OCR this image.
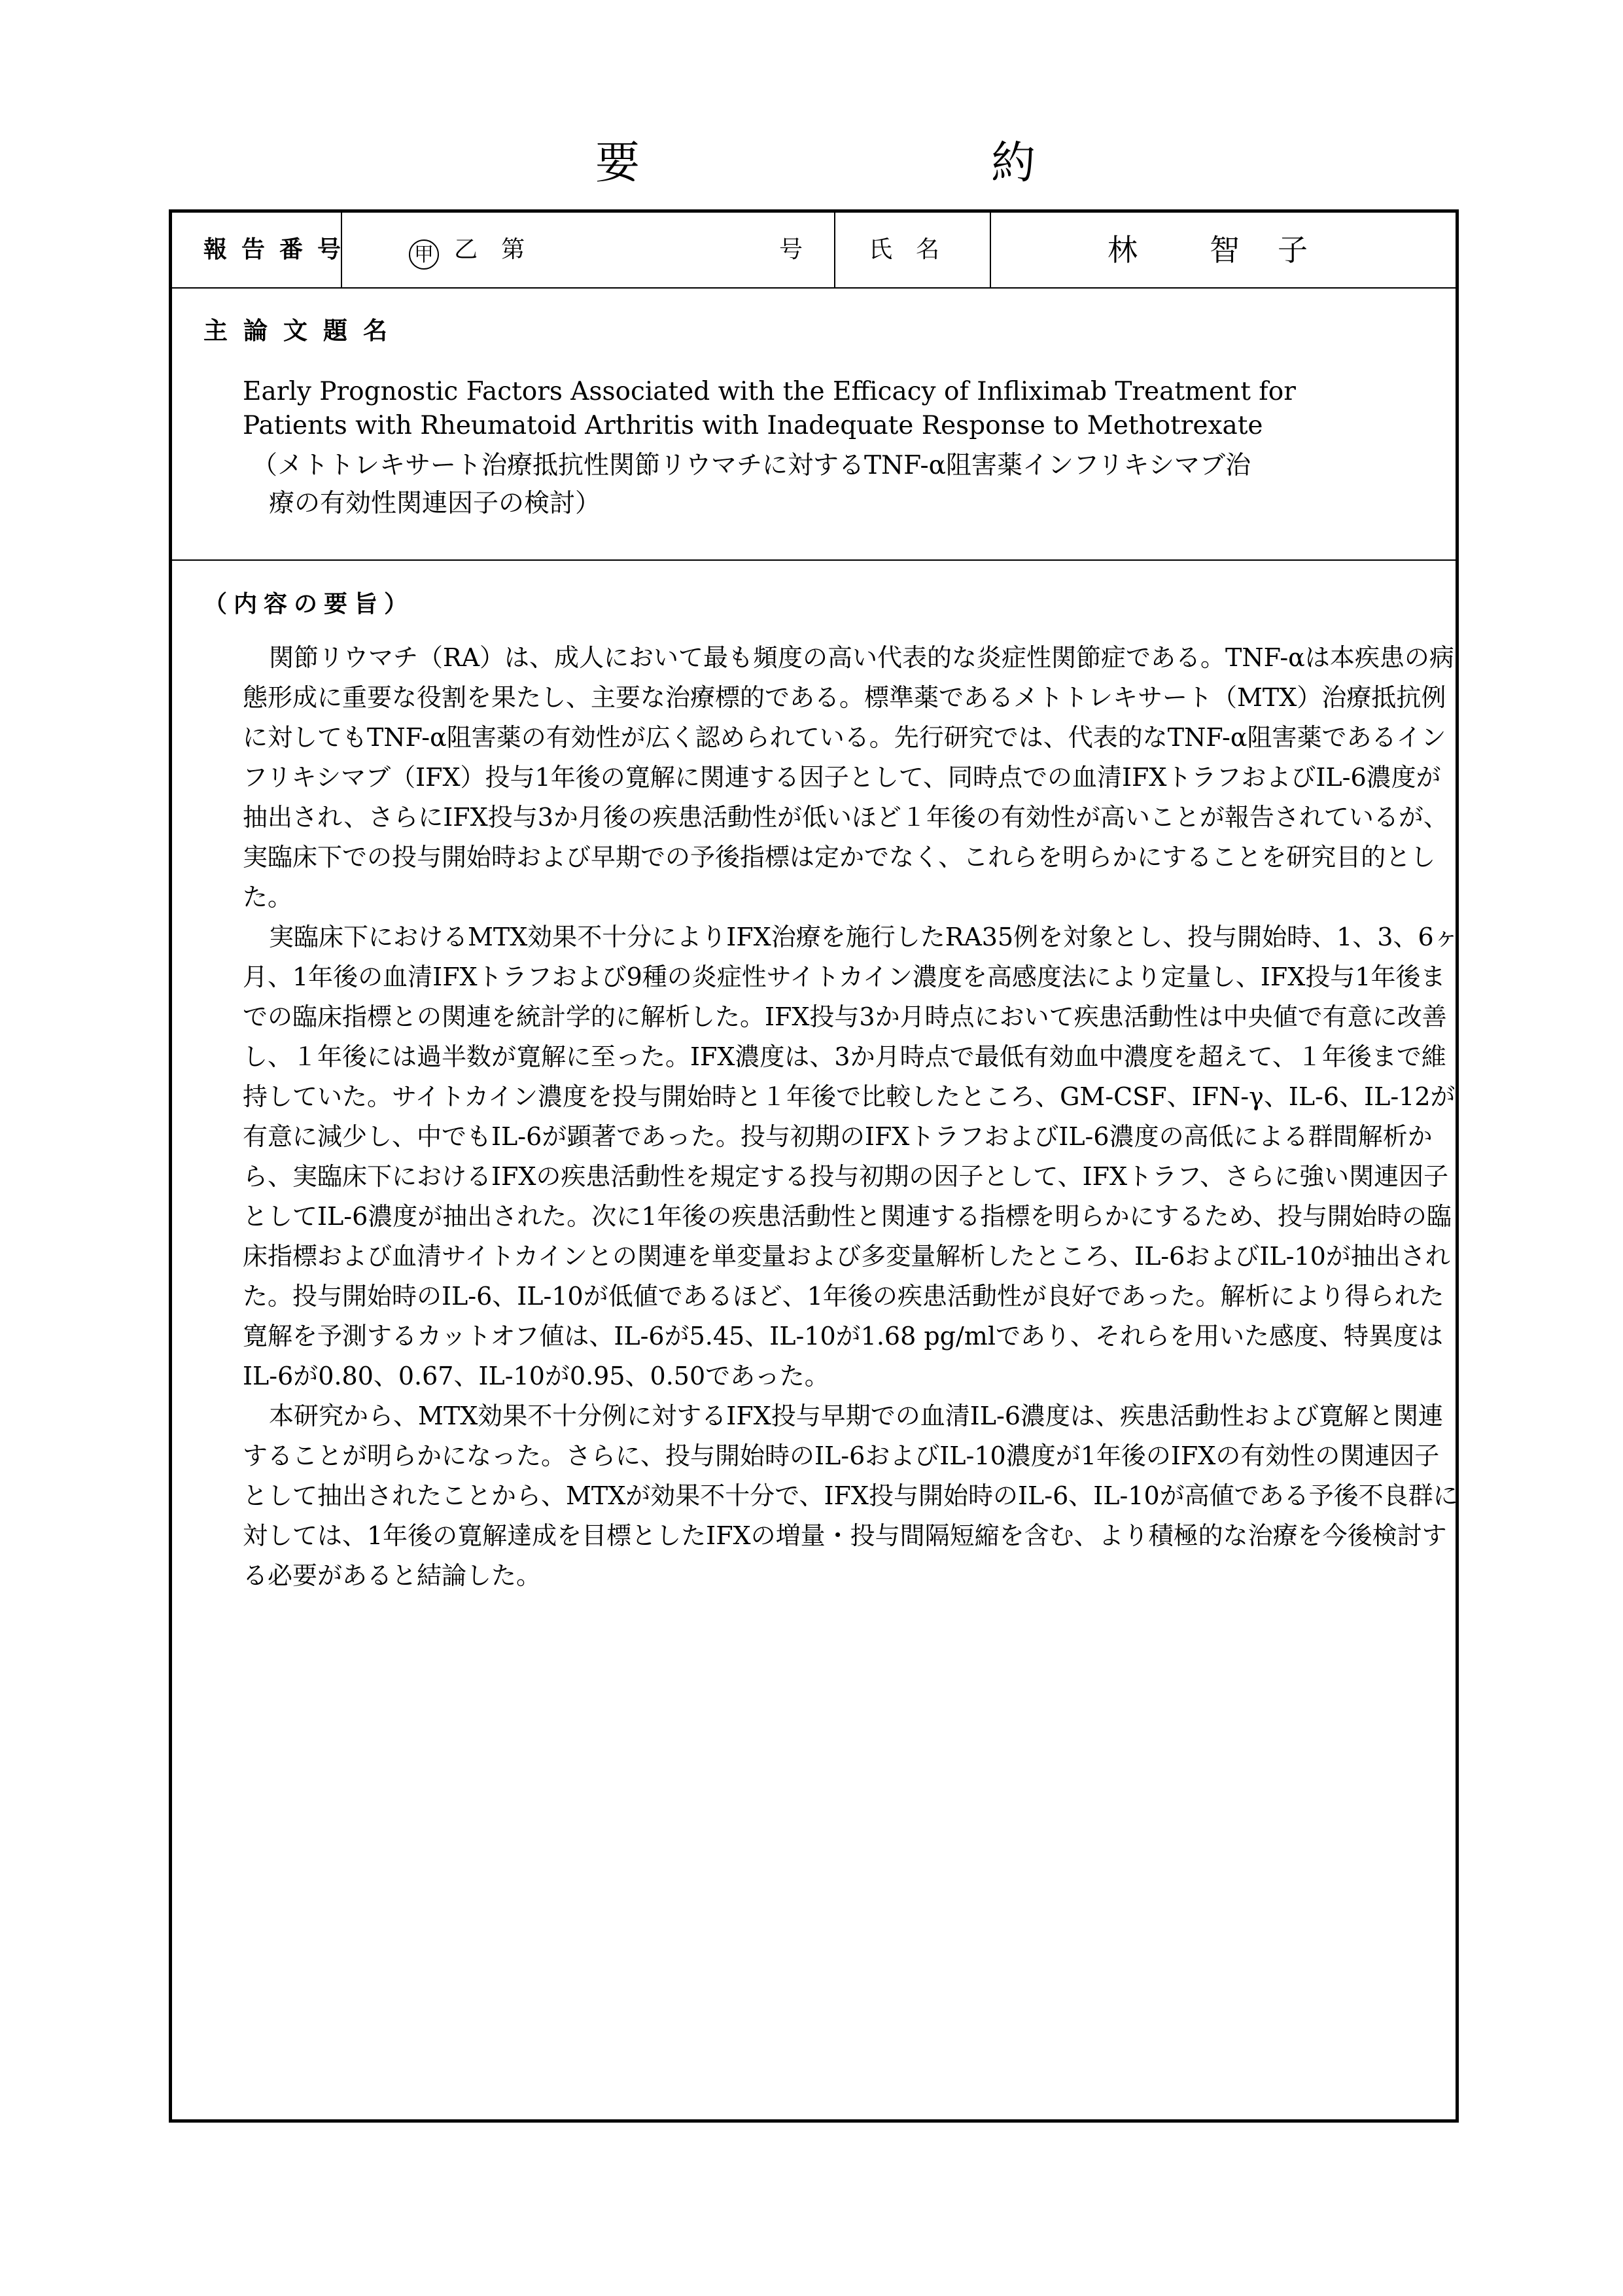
要	約
報告番号	甲 乙　第	号	氏　名	林　　智　子
主論文題名
Early Prognostic Factors Associated with the Efficacy of Infliximab Treatment for Patients with Rheumatoid Arthritis with Inadequate Response to Methotrexate
（メトトレキサート治療抵抗性関節リウマチに対するTNF-α阻害薬インフリキシマブ治
療の有効性関連因子の検討）
（内容の要旨）

関節リウマチ（RA）は、成人において最も頻度の高い代表的な炎症性関節症である。TNF-αは本疾患の病態形成に重要な役割を果たし、主要な治療標的である。標準薬であるメトトレキサート（MTX）治療抵抗例に対してもTNF-α阻害薬の有効性が広く認められている。先行研究では、代表的なTNF-α阻害薬であるインフリキシマブ（IFX）投与1年後の寛解に関連する因子として、同時点での血清IFXトラフおよびIL-6濃度が抽出され、さらにIFX投与3か月後の疾患活動性が低いほど１年後の有効性が高いことが報告されているが、実臨床下での投与開始時および早期での予後指標は定かでなく、これらを明らかにすることを研究目的とした。

実臨床下におけるMTX効果不十分によりIFX治療を施行したRA35例を対象とし、投与開始時、1、3、6ヶ月、1年後の血清IFXトラフおよび9種の炎症性サイトカイン濃度を高感度法により定量し、IFX投与1年後までの臨床指標との関連を統計学的に解析した。IFX投与3か月時点において疾患活動性は中央値で有意に改善し、１年後には過半数が寛解に至った。IFX濃度は、3か月時点で最低有効血中濃度を超えて、１年後まで維持していた。サイトカイン濃度を投与開始時と１年後で比較したところ、GM-CSF、IFN-γ、IL-6、IL-12が有意に減少し、中でもIL-6が顕著であった。投与初期のIFXトラフおよびIL-6濃度の高低による群間解析から、実臨床下におけるIFXの疾患活動性を規定する投与初期の因子として、IFXトラフ、さらに強い関連因子としてIL-6濃度が抽出された。次に1年後の疾患活動性と関連する指標を明らかにするため、投与開始時の臨床指標および血清サイトカインとの関連を単変量および多変量解析したところ、IL-6およびIL-10が抽出された。投与開始時のIL-6、IL-10が低値であるほど、1年後の疾患活動性が良好であった。解析により得られた寛解を予測するカットオフ値は、IL-6が5.45、IL-10が1.68 pg/mlであり、それらを用いた感度、特異度はIL-6が0.80、0.67、IL-10が0.95、0.50であった。

本研究から、MTX効果不十分例に対するIFX投与早期での血清IL-6濃度は、疾患活動性および寛解と関連することが明らかになった。さらに、投与開始時のIL-6およびIL-10濃度が1年後のIFXの有効性の関連因子として抽出されたことから、MTXが効果不十分で、IFX投与開始時のIL-6、IL-10が高値である予後不良群に対しては、1年後の寛解達成を目標としたIFXの増量・投与間隔短縮を含む、より積極的な治療を今後検討する必要があると結論した。
